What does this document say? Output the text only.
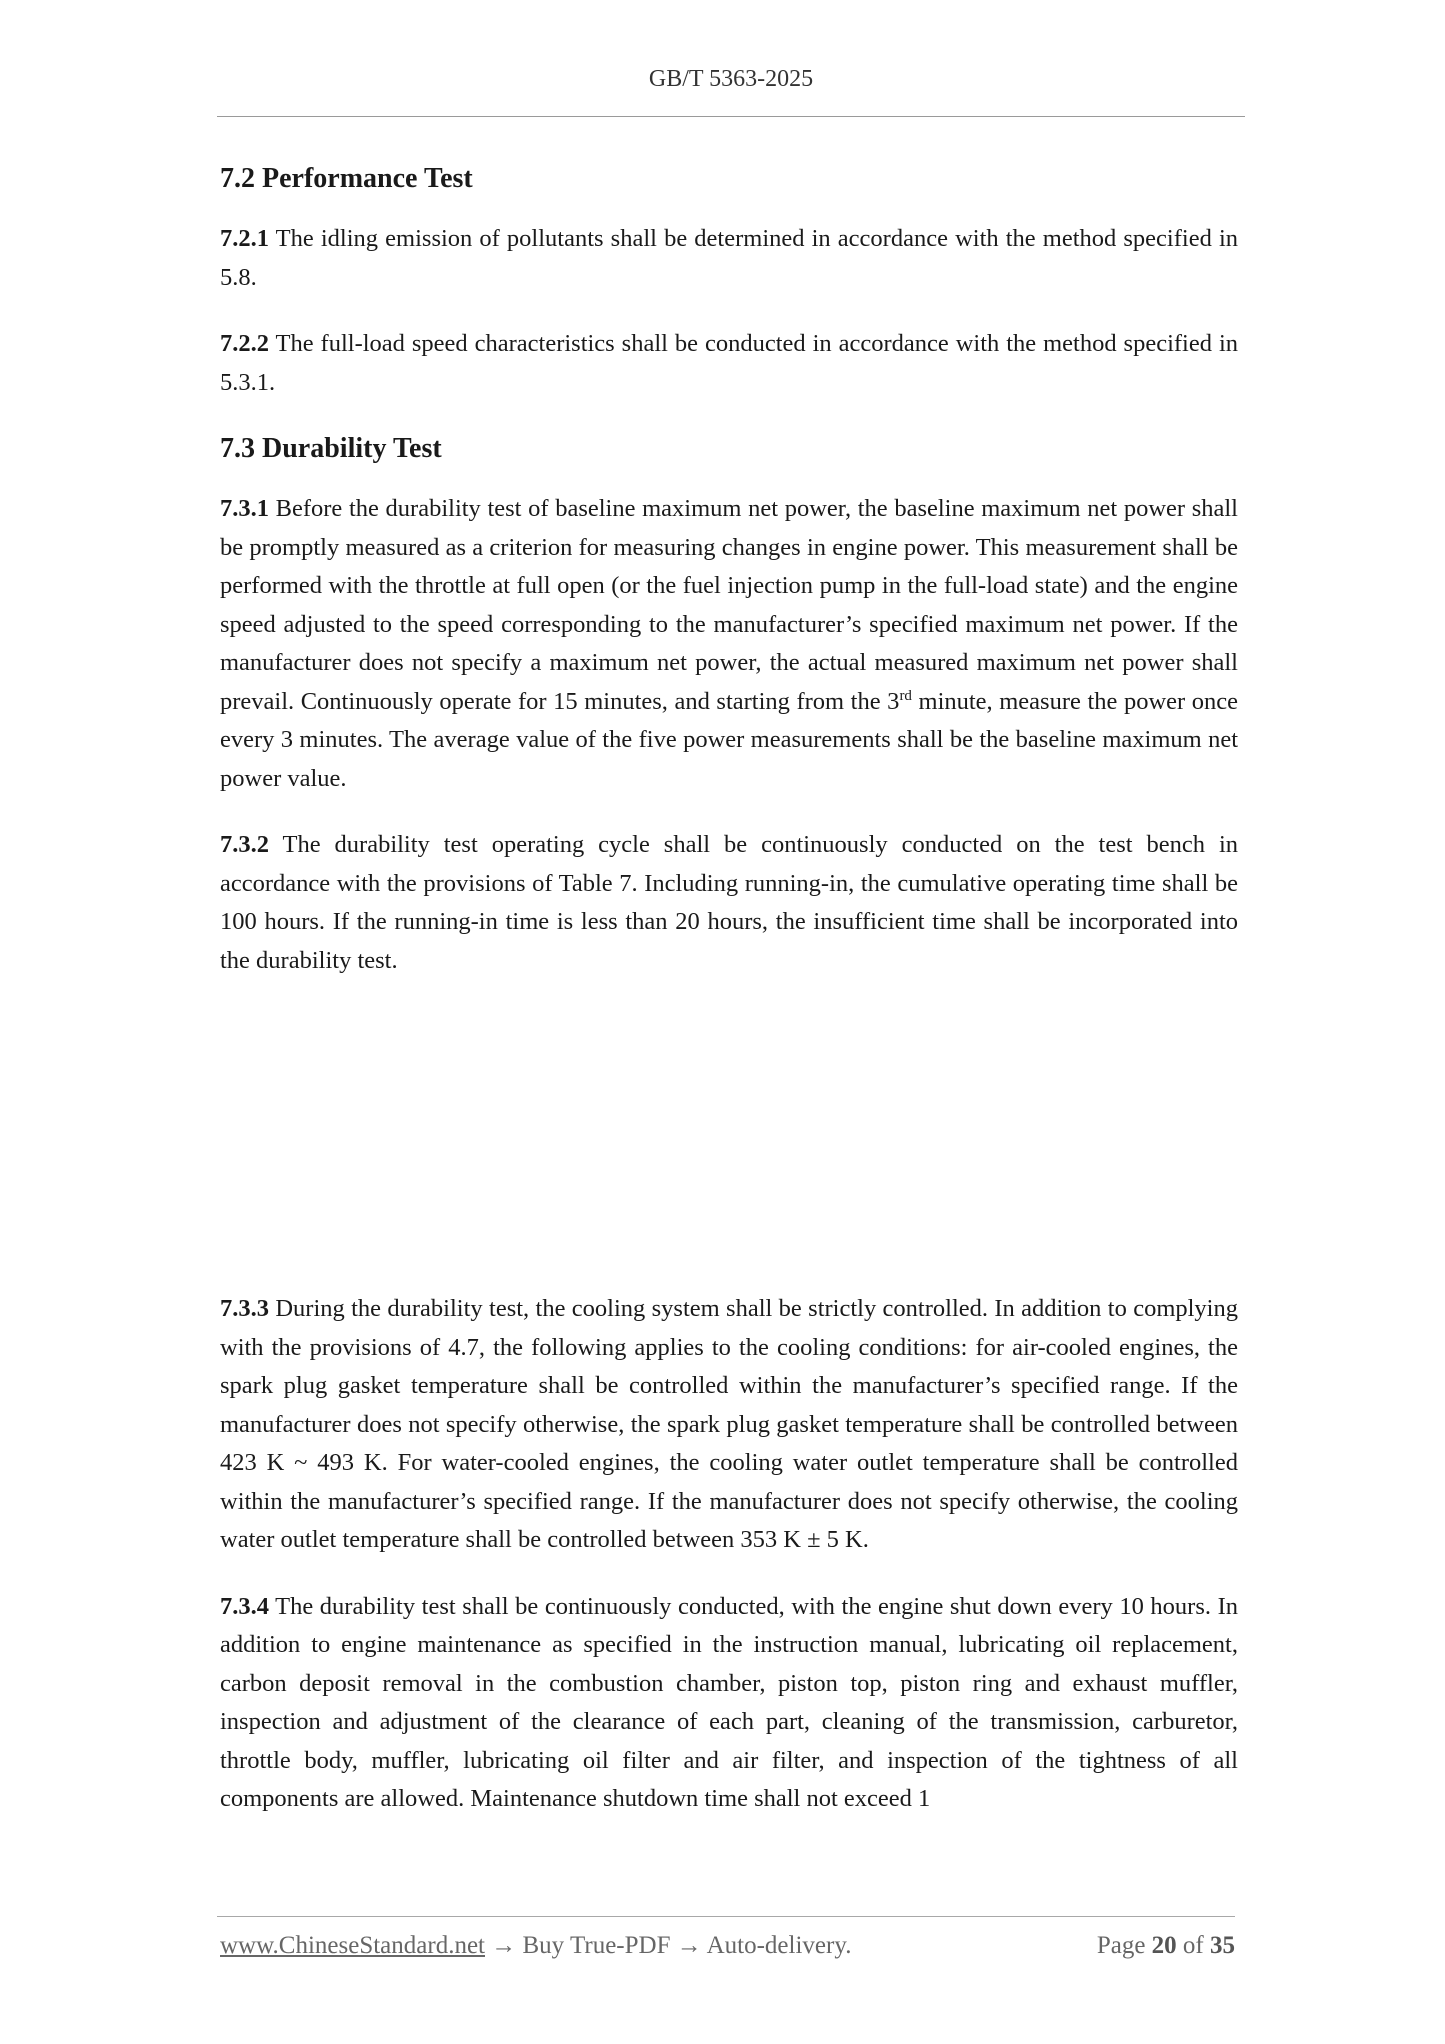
GB/T 5363-2025
7.2 Performance Test

7.2.1 The idling emission of pollutants shall be determined in accordance with the method specified in 5.8.

7.2.2 The full-load speed characteristics shall be conducted in accordance with the method specified in 5.3.1.

7.3 Durability Test

7.3.1 Before the durability test of baseline maximum net power, the baseline maximum net power shall be promptly measured as a criterion for measuring changes in engine power. This measurement shall be performed with the throttle at full open (or the fuel injection pump in the full-load state) and the engine speed adjusted to the speed corresponding to the manufacturer’s specified maximum net power. If the manufacturer does not specify a maximum net power, the actual measured maximum net power shall prevail. Continuously operate for 15 minutes, and starting from the 3rd minute, measure the power once every 3 minutes. The average value of the five power measurements shall be the baseline maximum net power value.

7.3.2 The durability test operating cycle shall be continuously conducted on the test bench in accordance with the provisions of Table 7. Including running-in, the cumulative operating time shall be 100 hours. If the running-in time is less than 20 hours, the insufficient time shall be incorporated into the durability test.

7.3.3 During the durability test, the cooling system shall be strictly controlled. In addition to complying with the provisions of 4.7, the following applies to the cooling conditions: for air-cooled engines, the spark plug gasket temperature shall be controlled within the manufacturer’s specified range. If the manufacturer does not specify otherwise, the spark plug gasket temperature shall be controlled between 423 K ~ 493 K. For water-cooled engines, the cooling water outlet temperature shall be controlled within the manufacturer’s specified range. If the manufacturer does not specify otherwise, the cooling water outlet temperature shall be controlled between 353 K ± 5 K.

7.3.4 The durability test shall be continuously conducted, with the engine shut down every 10 hours. In addition to engine maintenance as specified in the instruction manual, lubricating oil replacement, carbon deposit removal in the combustion chamber, piston top, piston ring and exhaust muffler, inspection and adjustment of the clearance of each part, cleaning of the transmission, carburetor, throttle body, muffler, lubricating oil filter and air filter, and inspection of the tightness of all components are allowed. Maintenance shutdown time shall not exceed 1

www.ChineseStandard.net → Buy True-PDF → Auto-delivery.	Page 20 of 35
